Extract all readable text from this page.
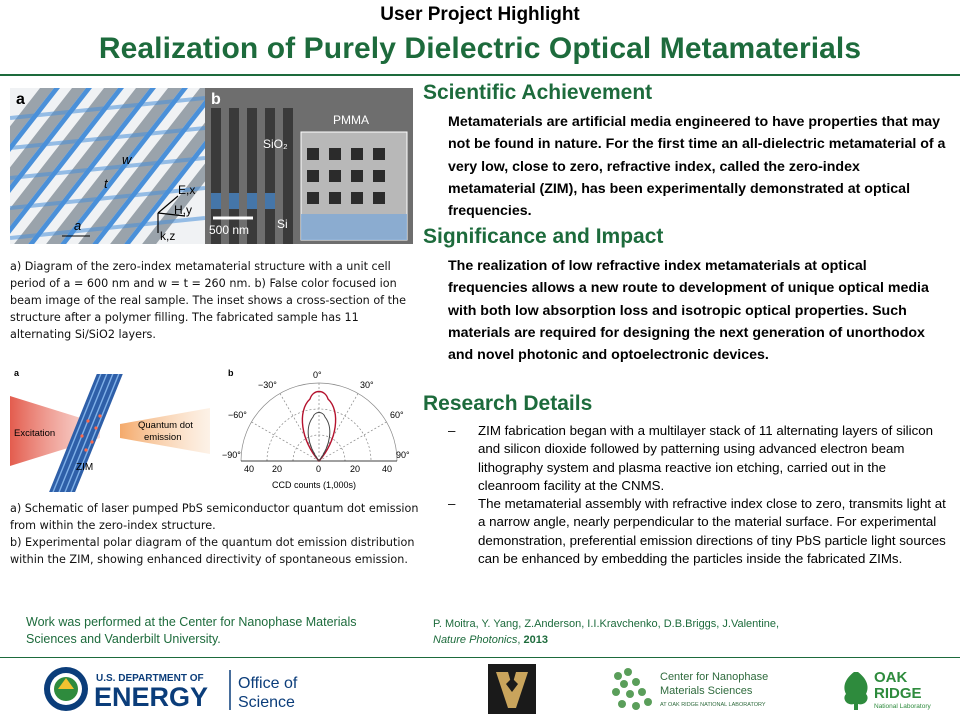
User Project Highlight
Realization of Purely Dielectric Optical Metamaterials
a
w
t
a
E,x
H,y
k,z
b
PMMA
SiO₂
Si
500 nm
a) Diagram of the zero-index metamaterial structure with a unit cell period of a = 600 nm and w = t = 260 nm. b) False color focused ion beam image of the real sample. The inset shows a cross-section of the structure after a polymer filling. The fabricated sample has 11 alternating Si/SiO2 layers.
a
Excitation
Quantum dot
emission
ZIM
b	0°
30°
−30°
60°
−60°
90°
−90°
40 20	0	20 40
CCD counts (1,000s)
a) Schematic of laser pumped PbS semiconductor quantum dot emission from within the zero-index structure.
b) Experimental polar diagram of the quantum dot emission distribution within the ZIM, showing enhanced directivity of spontaneous emission.
Work was performed at the Center for Nanophase Materials Sciences and Vanderbilt University.
Scientific Achievement
Metamaterials are artificial media engineered to have properties that may not be found in nature. For the first time an all-dielectric metamaterial of a very low, close to zero, refractive index, called the zero-index metamaterial (ZIM), has been experimentally demonstrated at optical frequencies.
Significance and Impact
The realization of low refractive index metamaterials at optical frequencies allows a new route to development of unique optical media with both low absorption loss and isotropic optical properties. Such materials are required for designing the next generation of unorthodox and novel photonic and optoelectronic devices.
Research Details
– ZIM fabrication began with a multilayer stack of 11 alternating layers of silicon and silicon dioxide followed by patterning using advanced electron beam lithography system and plasma reactive ion etching, carried out in the cleanroom facility at the CNMS.
– The metamaterial assembly with refractive index close to zero, transmits light at a narrow angle, nearly perpendicular to the material surface. For experimental demonstration, preferential emission directions of tiny PbS particle light sources can be enhanced by embedding the particles inside the fabricated ZIMs.
P. Moitra, Y. Yang, Z.Anderson, I.I.Kravchenko, D.B.Briggs, J.Valentine,
Nature Photonics, 2013
U.S. DEPARTMENT OF
ENERGY Office of
Science
Center for Nanophase
Materials Sciences
AT OAK RIDGE NATIONAL LABORATORY
OAK
RIDGE
National Laboratory
